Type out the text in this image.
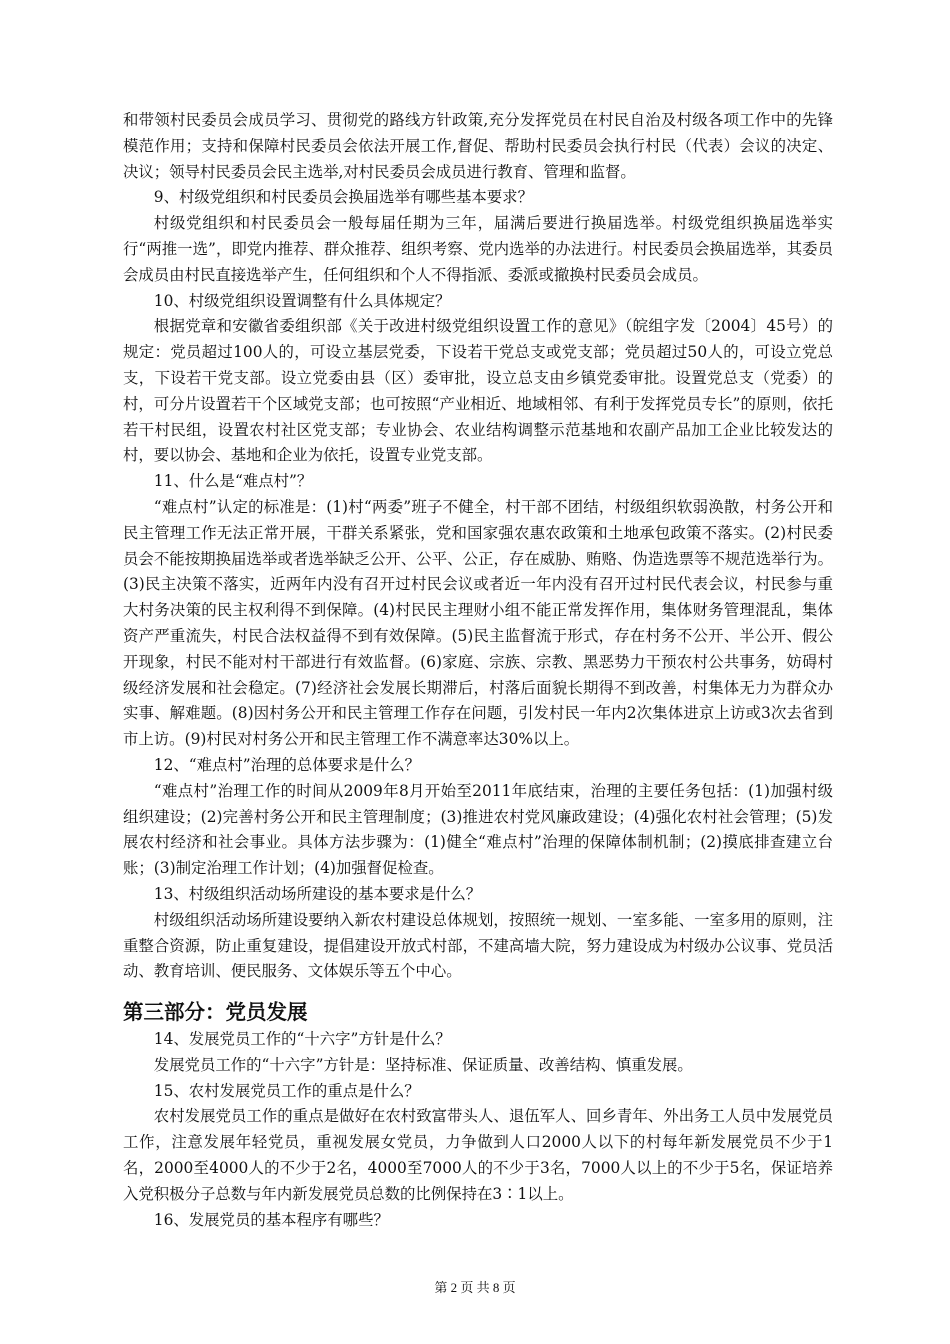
和带领村民委员会成员学习、贯彻党的路线方针政策,充分发挥党员在村民自治及村级各项工作中的先锋模范作用；支持和保障村民委员会依法开展工作,督促、帮助村民委员会执行村民（代表）会议的决定、决议；领导村民委员会民主选举,对村民委员会成员进行教育、管理和监督。

9、村级党组织和村民委员会换届选举有哪些基本要求？

村级党组织和村民委员会一般每届任期为三年，届满后要进行换届选举。村级党组织换届选举实行“两推一选”，即党内推荐、群众推荐、组织考察、党内选举的办法进行。村民委员会换届选举，其委员会成员由村民直接选举产生，任何组织和个人不得指派、委派或撤换村民委员会成员。

10、村级党组织设置调整有什么具体规定？

根据党章和安徽省委组织部《关于改进村级党组织设置工作的意见》（皖组字发〔2004〕45号）的规定：党员超过100人的，可设立基层党委，下设若干党总支或党支部；党员超过50人的，可设立党总支，下设若干党支部。设立党委由县（区）委审批，设立总支由乡镇党委审批。设置党总支（党委）的村，可分片设置若干个区域党支部；也可按照“产业相近、地域相邻、有利于发挥党员专长”的原则，依托若干村民组，设置农村社区党支部；专业协会、农业结构调整示范基地和农副产品加工企业比较发达的村，要以协会、基地和企业为依托，设置专业党支部。

11、什么是“难点村”？

“难点村”认定的标准是：(1)村“两委”班子不健全，村干部不团结，村级组织软弱涣散，村务公开和民主管理工作无法正常开展，干群关系紧张，党和国家强农惠农政策和土地承包政策不落实。(2)村民委员会不能按期换届选举或者选举缺乏公开、公平、公正，存在威胁、贿赂、伪造选票等不规范选举行为。(3)民主决策不落实，近两年内没有召开过村民会议或者近一年内没有召开过村民代表会议，村民参与重大村务决策的民主权利得不到保障。(4)村民民主理财小组不能正常发挥作用，集体财务管理混乱，集体资产严重流失，村民合法权益得不到有效保障。(5)民主监督流于形式，存在村务不公开、半公开、假公开现象，村民不能对村干部进行有效监督。(6)家庭、宗族、宗教、黑恶势力干预农村公共事务，妨碍村级经济发展和社会稳定。(7)经济社会发展长期滞后，村落后面貌长期得不到改善，村集体无力为群众办实事、解难题。(8)因村务公开和民主管理工作存在问题，引发村民一年内2次集体进京上访或3次去省到市上访。(9)村民对村务公开和民主管理工作不满意率达30%以上。

12、“难点村”治理的总体要求是什么？

“难点村”治理工作的时间从2009年8月开始至2011年底结束，治理的主要任务包括：(1)加强村级组织建设；(2)完善村务公开和民主管理制度；(3)推进农村党风廉政建设；(4)强化农村社会管理；(5)发展农村经济和社会事业。具体方法步骤为：(1)健全“难点村”治理的保障体制机制；(2)摸底排查建立台账；(3)制定治理工作计划；(4)加强督促检查。

13、村级组织活动场所建设的基本要求是什么？

村级组织活动场所建设要纳入新农村建设总体规划，按照统一规划、一室多能、一室多用的原则，注重整合资源，防止重复建设，提倡建设开放式村部，不建高墙大院，努力建设成为村级办公议事、党员活动、教育培训、便民服务、文体娱乐等五个中心。

第三部分：党员发展

14、发展党员工作的“十六字”方针是什么？

发展党员工作的“十六字”方针是：坚持标准、保证质量、改善结构、慎重发展。

15、农村发展党员工作的重点是什么？

农村发展党员工作的重点是做好在农村致富带头人、退伍军人、回乡青年、外出务工人员中发展党员工作，注意发展年轻党员，重视发展女党员，力争做到人口2000人以下的村每年新发展党员不少于1名，2000至4000人的不少于2名，4000至7000人的不少于3名，7000人以上的不少于5名，保证培养入党积极分子总数与年内新发展党员总数的比例保持在3∶1以上。

16、发展党员的基本程序有哪些？

第 2 页 共 8 页
